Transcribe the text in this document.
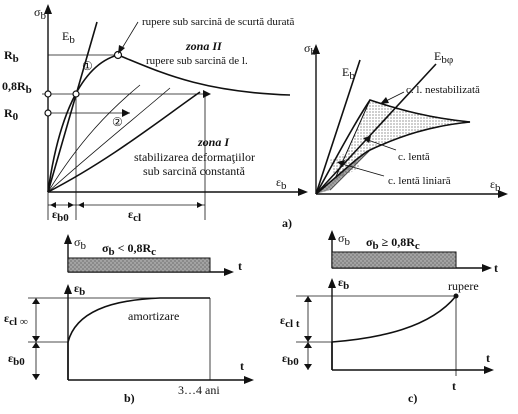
σb
Eb
Rb
0,8Rb
R0
εb
εb0	εcl
①
②
rupere sub sarcină de scurtă durată
zona II
rupere sub sarcină de l.
zona I
stabilizarea deformaţiilor
sub sarcină constantă
a)
σb
Eb
Ebφ
εb
c. l. nestabilizată
c. lentă
c. lentă liniară
σb σb < 0,8Rc
t
εb
εcl ∞
εb0
amortizare
t
3…4 ani
b)
σb σb ≥ 0,8Rc
t
εb
εcl t
εb0
rupere
t
t
c)
